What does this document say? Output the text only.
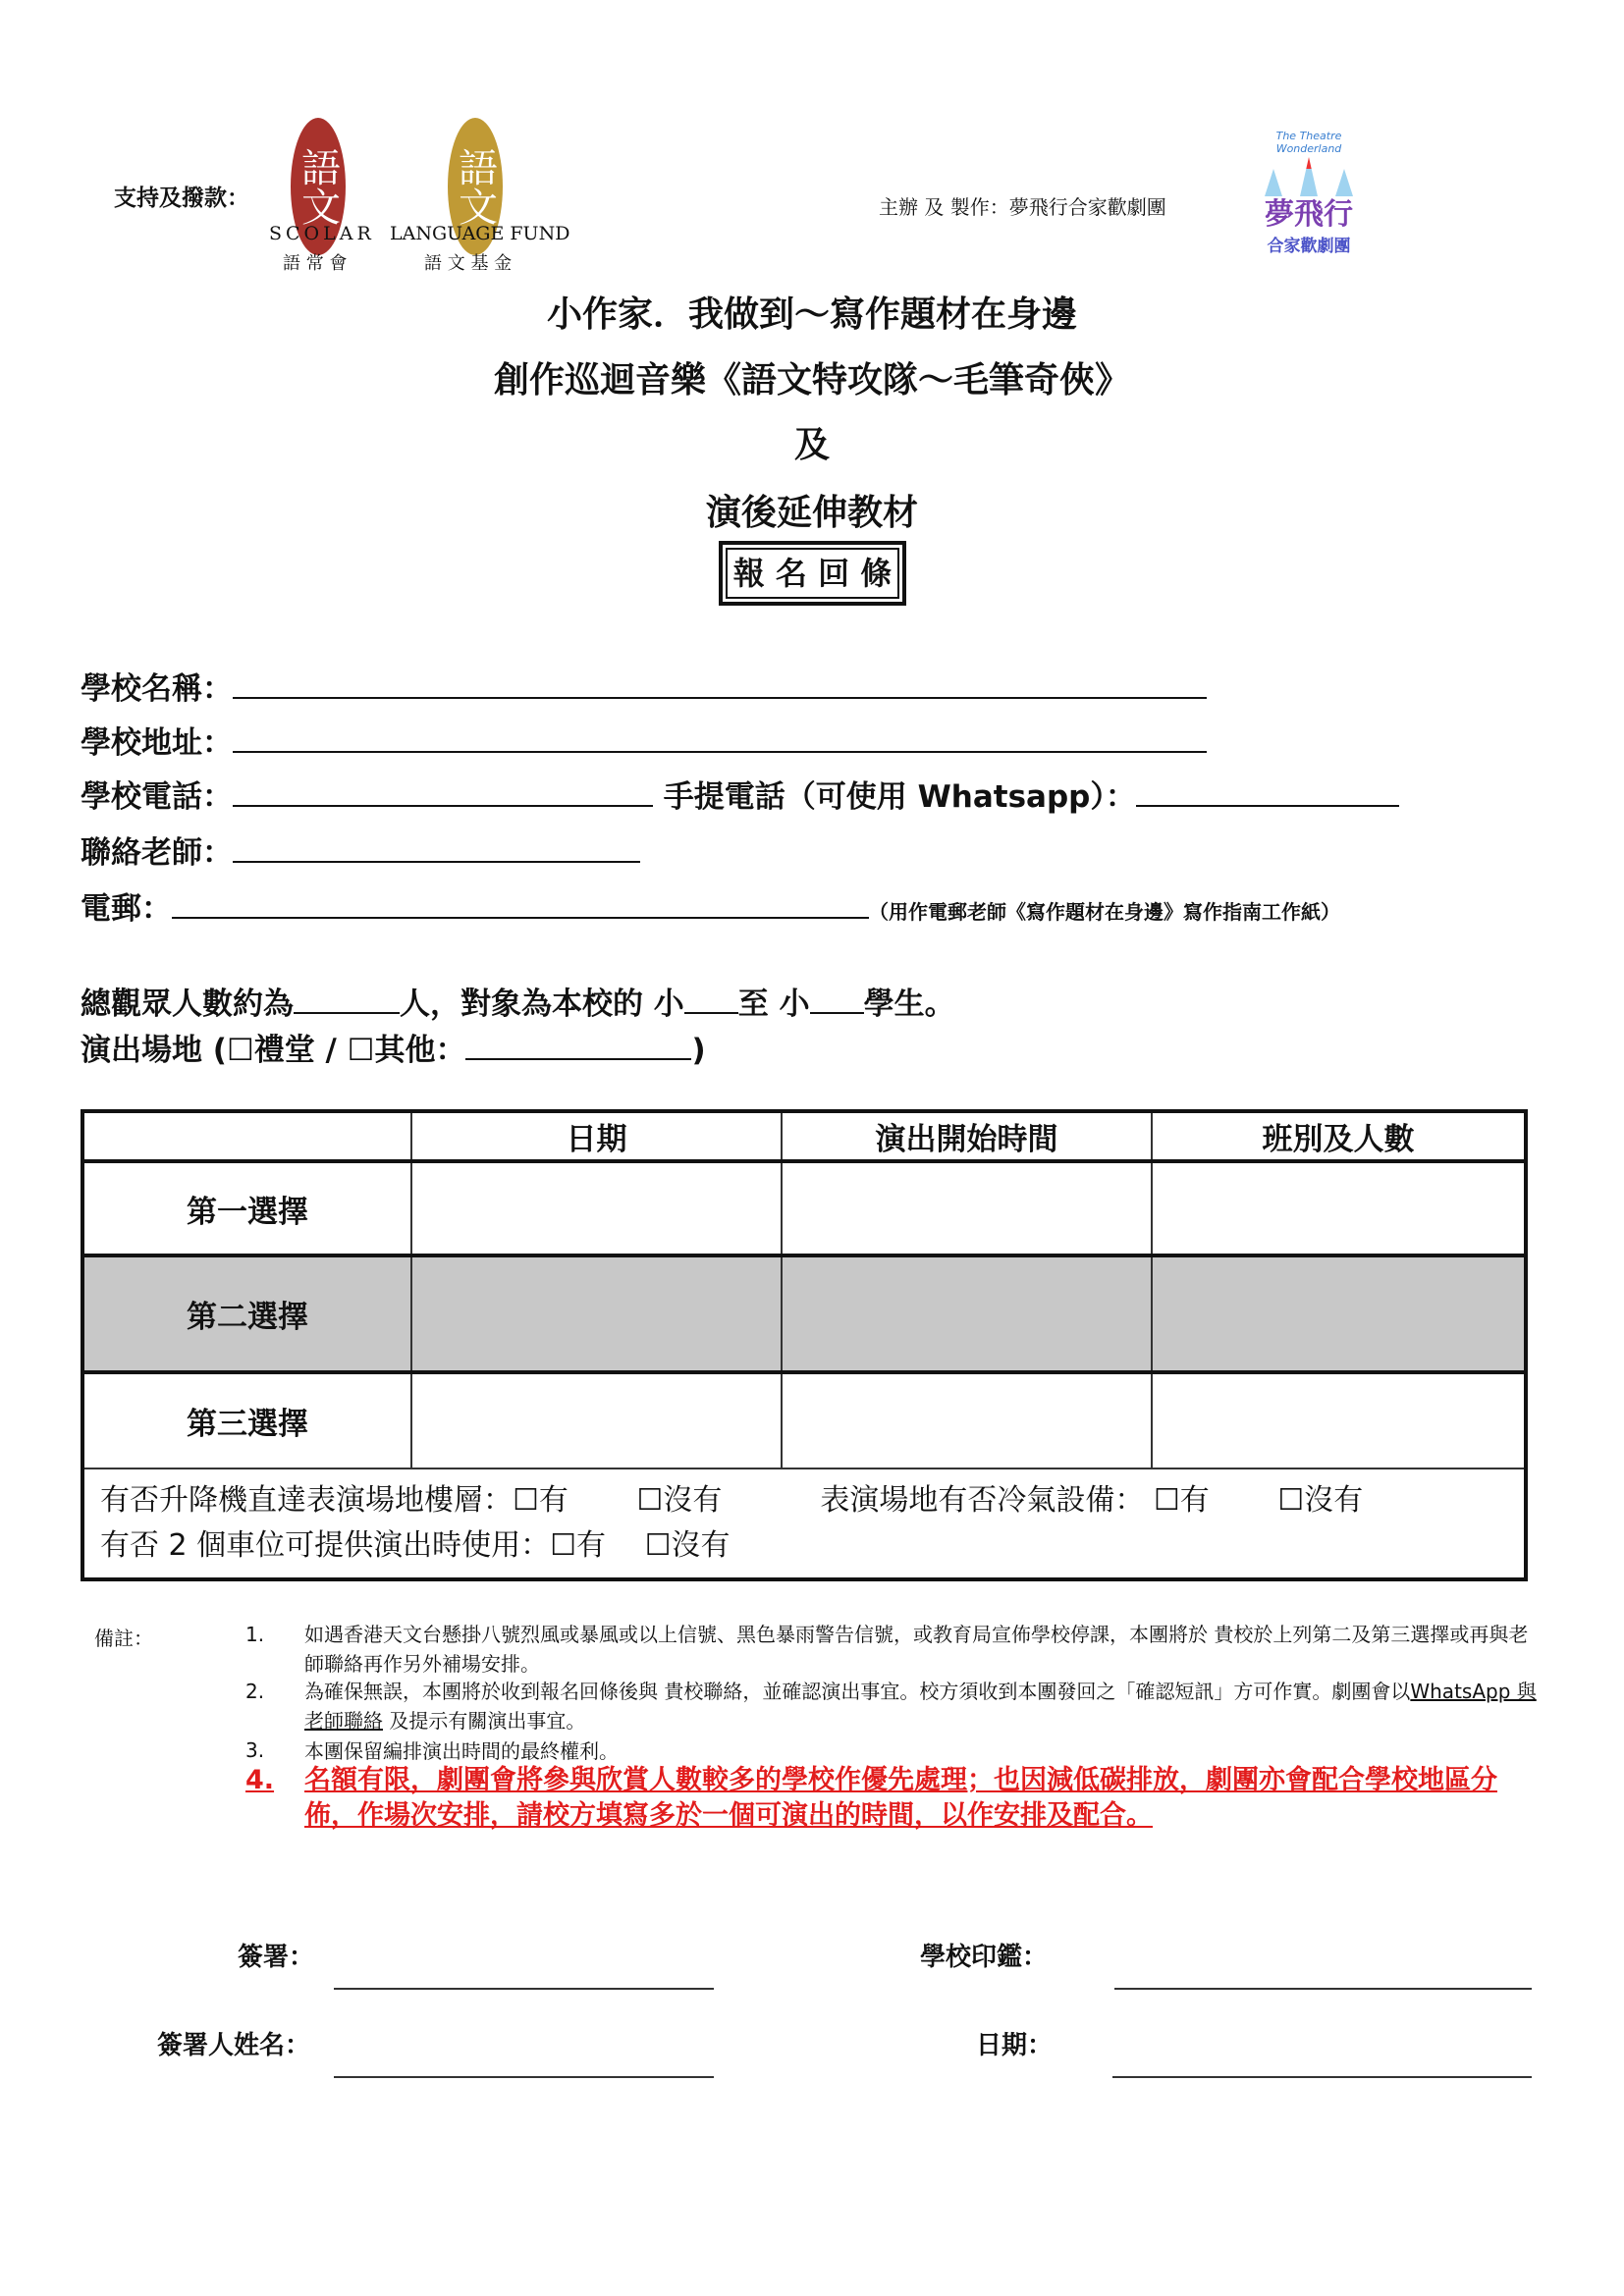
支持及撥款： 語文
SCOLAR
語 常 會
語文
LANGUAGE FUND
語 文 基 金
主辦 及 製作：夢飛行合家歡劇團
The Theatre Wonderland
夢飛行
合家歡劇團
小作家．我做到～寫作題材在身邊
創作巡迴音樂《語文特攻隊～毛筆奇俠》
及
演後延伸教材
報 名 回 條
學校名稱：
學校地址：
學校電話：	手提電話（可使用 Whatsapp）：
聯絡老師：
電郵：	（用作電郵老師《寫作題材在身邊》寫作指南工作紙）
總觀眾人數約為	人，對象為本校的 小 至 小 學生。
演出場地 (☐禮堂 / ☐其他：	)
	日期	演出開始時間	班別及人數
第一選擇			
第二選擇			
第三選擇			
有否升降機直達表演場地樓層：☐有　　 ☐沒有 表演場地有否冷氣設備： ☐有　　 ☐沒有
有否 2 個車位可提供演出時使用：☐有　 ☐沒有			
備註：	1. 如遇香港天文台懸掛八號烈風或暴風或以上信號、黑色暴雨警告信號，或教育局宣佈學校停課，本團將於 貴校於上列第二及第三選擇或再與老師聯絡再作另外補場安排。
2. 為確保無誤，本團將於收到報名回條後與 貴校聯絡，並確認演出事宜。校方須收到本團發回之「確認短訊」方可作實。劇團會以WhatsApp 與老師聯絡 及提示有關演出事宜。
3. 本團保留編排演出時間的最終權利。
4. 名額有限，劇團會將參與欣賞人數較多的學校作優先處理；也因減低碳排放，劇團亦會配合學校地區分佈，作場次安排，請校方填寫多於一個可演出的時間，以作安排及配合。
簽署：	學校印鑑：
簽署人姓名：	日期：
